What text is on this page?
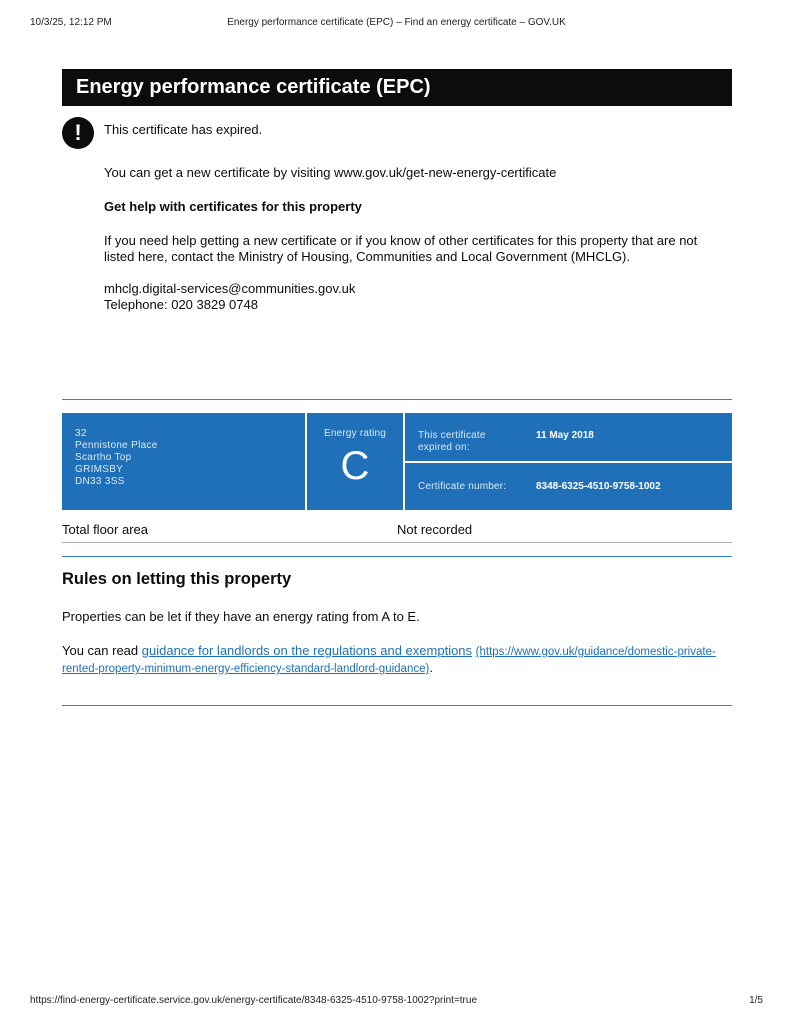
10/3/25, 12:12 PM	Energy performance certificate (EPC) – Find an energy certificate – GOV.UK
Energy performance certificate (EPC)
!	This certificate has expired.
You can get a new certificate by visiting www.gov.uk/get-new-energy-certificate
Get help with certificates for this property
If you need help getting a new certificate or if you know of other certificates for this property that are not listed here, contact the Ministry of Housing, Communities and Local Government (MHCLG).
mhclg.digital-services@communities.gov.uk
Telephone: 020 3829 0748
32
Pennistone Place
Scartho Top
GRIMSBY
DN33 3SS
Energy rating
C
This certificate expired on:
11 May 2018
Certificate number:	8348-6325-4510-9758-1002
Total floor area	Not recorded
Rules on letting this property
Properties can be let if they have an energy rating from A to E.
You can read guidance for landlords on the regulations and exemptions (https://www.gov.uk/guidance/domestic-private-rented-property-minimum-energy-efficiency-standard-landlord-guidance).
https://find-energy-certificate.service.gov.uk/energy-certificate/8348-6325-4510-9758-1002?print=true	1/5
